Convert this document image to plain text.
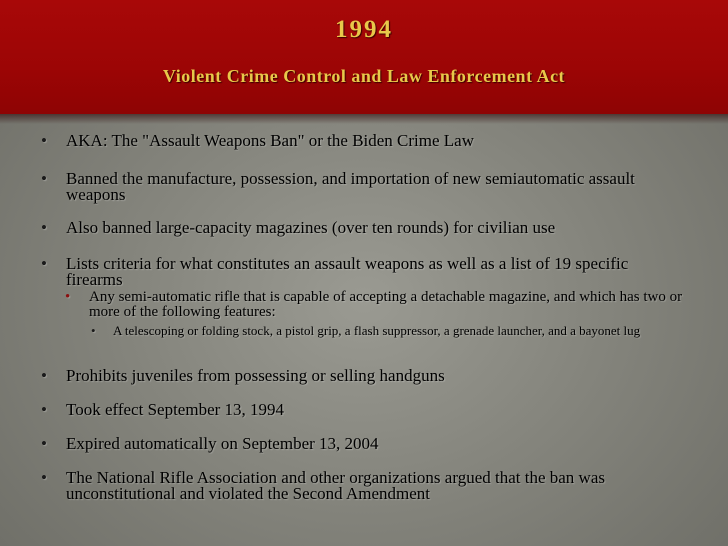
1994
Violent Crime Control and Law Enforcement Act
• AKA: The "Assault Weapons Ban" or the Biden Crime Law
• Banned the manufacture, possession, and importation of new semiautomatic assault weapons
• Also banned large-capacity magazines (over ten rounds) for civilian use
• Lists criteria for what constitutes an assault weapons as well as a list of 19 specific firearms
• Any semi-automatic rifle that is capable of accepting a detachable magazine, and which has two or more of the following features:
• A telescoping or folding stock, a pistol grip, a flash suppressor, a grenade launcher, and a bayonet lug
• Prohibits juveniles from possessing or selling handguns
• Took effect September 13, 1994
• Expired automatically on September 13, 2004
• The National Rifle Association and other organizations argued that the ban was unconstitutional and violated the Second Amendment
